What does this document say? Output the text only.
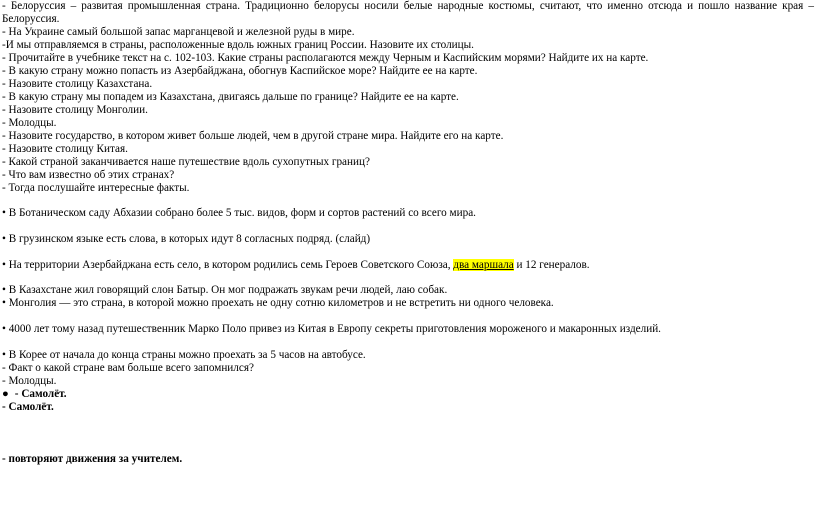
- Белоруссия – развитая промышленная страна. Традиционно белорусы носили белые народные костюмы, считают, что именно отсюда и пошло название края –
Белоруссия.
- На Украине самый большой запас марганцевой и железной руды в мире.
-И мы отправляемся в страны, расположенные вдоль южных границ России. Назовите их столицы.
- Прочитайте в учебнике текст на с. 102-103. Какие страны располагаются между Черным и Каспийским морями? Найдите их на карте.
- В какую страну можно попасть из Азербайджана, обогнув Каспийское море? Найдите ее на карте.
- Назовите столицу Казахстана.
- В какую страну мы попадем из Казахстана, двигаясь дальше по границе? Найдите ее на карте.
- Назовите столицу Монголии.
- Молодцы.
- Назовите государство, в котором живет больше людей, чем в другой стране мира. Найдите его на карте.
- Назовите столицу Китая.
- Какой страной заканчивается наше путешествие вдоль сухопутных границ?
- Что вам известно об этих странах?
- Тогда послушайте интересные факты.
• В Ботаническом саду Абхазии собрано более 5 тыс. видов, форм и сортов растений со всего мира.
• В грузинском языке есть слова, в которых идут 8 согласных подряд. (слайд)
• На территории Азербайджана есть село, в котором родились семь Героев Советского Союза, два маршала и 12 генералов.
• В Казахстане жил говорящий слон Батыр. Он мог подражать звукам речи людей, лаю собак.
• Монголия — это страна, в которой можно проехать не одну сотню километров и не встретить ни одного человека.
• 4000 лет тому назад путешественник Марко Поло привез из Китая в Европу секреты приготовления мороженого и макаронных изделий.
• В Корее от начала до конца страны можно проехать за 5 часов на автобусе.
- Факт о какой стране вам больше всего запомнился?
- Молодцы.
● - Самолёт.
- Самолёт.
- повторяют движения за учителем.
